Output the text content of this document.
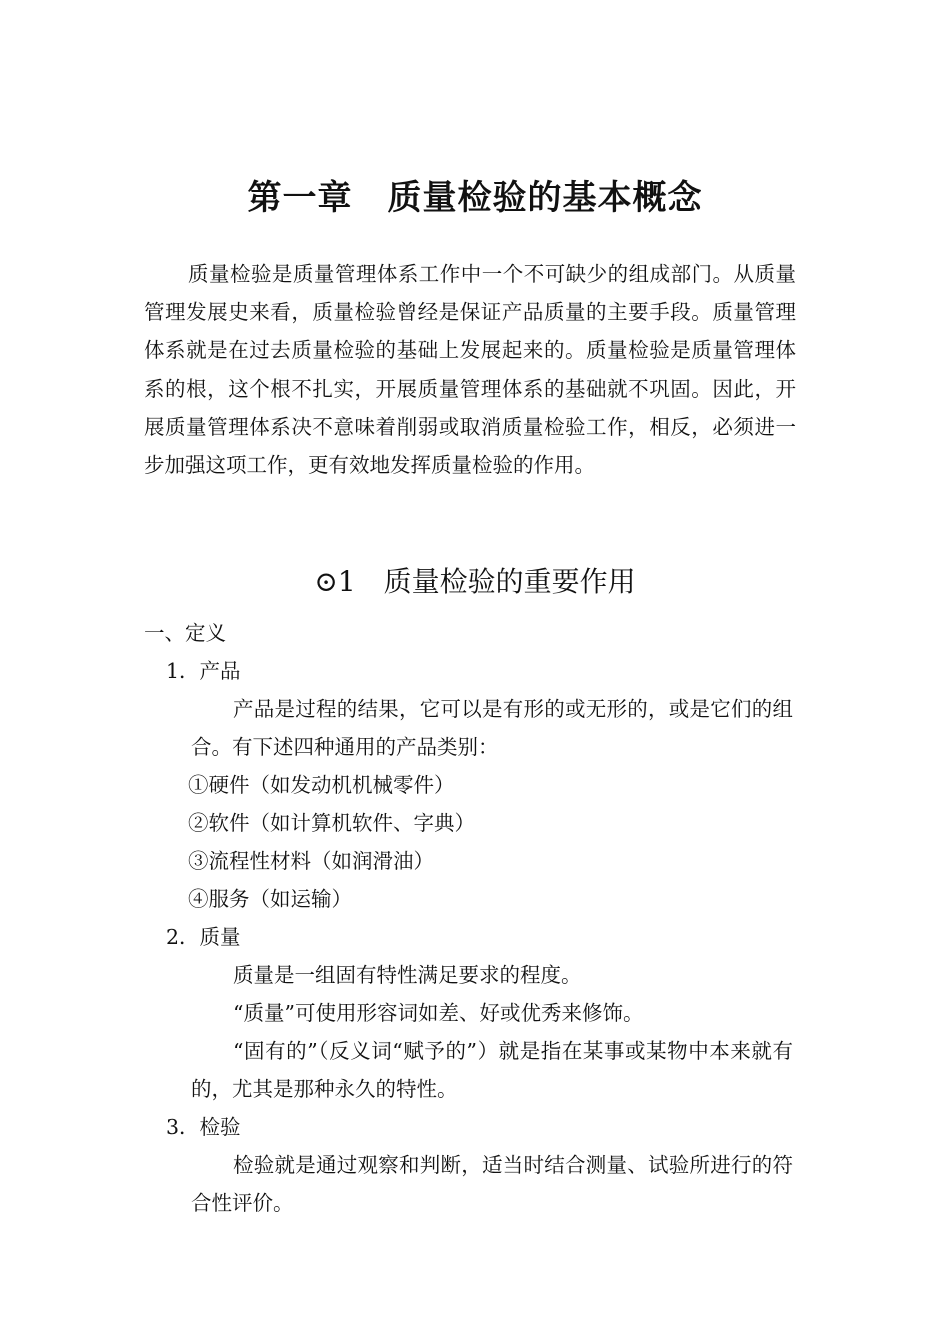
第一章　质量检验的基本概念
质量检验是质量管理体系工作中一个不可缺少的组成部门。从质量管理发展史来看，质量检验曾经是保证产品质量的主要手段。质量管理体系就是在过去质量检验的基础上发展起来的。质量检验是质量管理体系的根，这个根不扎实，开展质量管理体系的基础就不巩固。因此，开展质量管理体系决不意味着削弱或取消质量检验工作，相反，必须进一步加强这项工作，更有效地发挥质量检验的作用。
⊙1　质量检验的重要作用
一、定义
1．产品
产品是过程的结果，它可以是有形的或无形的，或是它们的组合。有下述四种通用的产品类别：
①硬件（如发动机机械零件）
②软件（如计算机软件、字典）
③流程性材料（如润滑油）
④服务（如运输）
2．质量
质量是一组固有特性满足要求的程度。
“质量”可使用形容词如差、好或优秀来修饰。
“固有的”（反义词“赋予的”）就是指在某事或某物中本来就有的，尤其是那种永久的特性。
3．检验
检验就是通过观察和判断，适当时结合测量、试验所进行的符合性评价。
